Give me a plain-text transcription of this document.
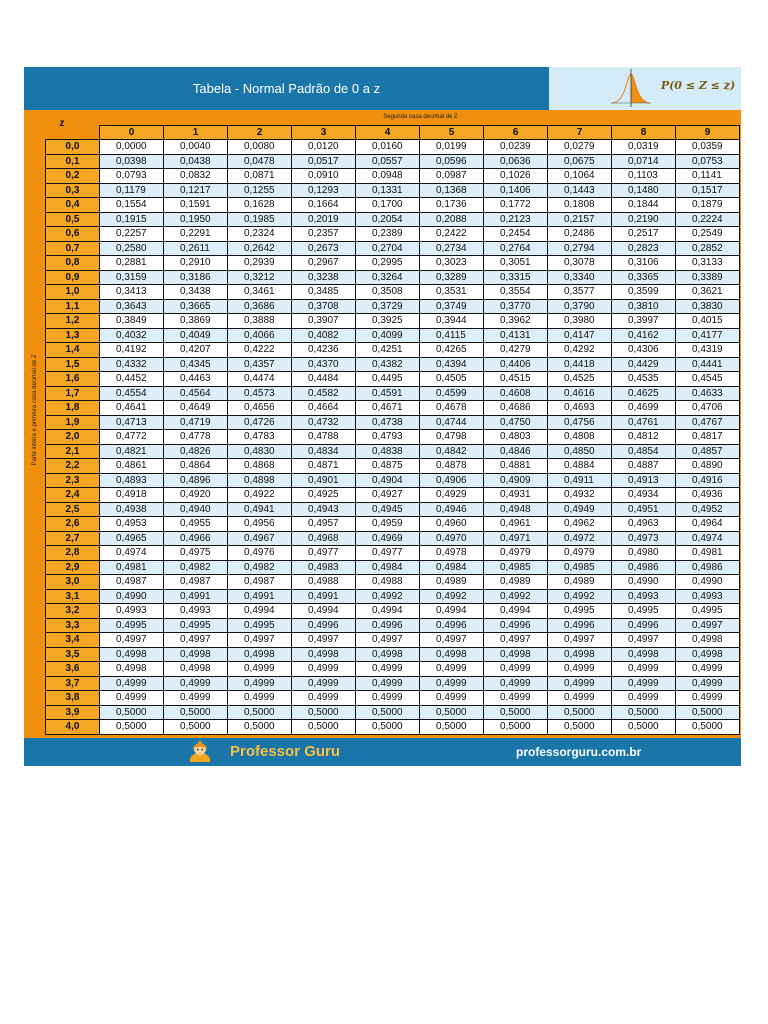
Tabela - Normal Padrão de 0 a z	P(0 ≤ Z ≤ z)
z
Segunda casa decimal de Z
Parte inteira e primeira casa decimal de Z
	0	1	2	3	4	5	6	7	8	9
0,0	0,0000	0,0040	0,0080	0,0120	0,0160	0,0199	0,0239	0,0279	0,0319	0,0359
0,1	0,0398	0,0438	0,0478	0,0517	0,0557	0,0596	0,0636	0,0675	0,0714	0,0753
0,2	0,0793	0,0832	0,0871	0,0910	0,0948	0,0987	0,1026	0,1064	0,1103	0,1141
0,3	0,1179	0,1217	0,1255	0,1293	0,1331	0,1368	0,1406	0,1443	0,1480	0,1517
0,4	0,1554	0,1591	0,1628	0,1664	0,1700	0,1736	0,1772	0,1808	0,1844	0,1879
0,5	0,1915	0,1950	0,1985	0,2019	0,2054	0,2088	0,2123	0,2157	0,2190	0,2224
0,6	0,2257	0,2291	0,2324	0,2357	0,2389	0,2422	0,2454	0,2486	0,2517	0,2549
0,7	0,2580	0,2611	0,2642	0,2673	0,2704	0,2734	0,2764	0,2794	0,2823	0,2852
0,8	0,2881	0,2910	0,2939	0,2967	0,2995	0,3023	0,3051	0,3078	0,3106	0,3133
0,9	0,3159	0,3186	0,3212	0,3238	0,3264	0,3289	0,3315	0,3340	0,3365	0,3389
1,0	0,3413	0,3438	0,3461	0,3485	0,3508	0,3531	0,3554	0,3577	0,3599	0,3621
1,1	0,3643	0,3665	0,3686	0,3708	0,3729	0,3749	0,3770	0,3790	0,3810	0,3830
1,2	0,3849	0,3869	0,3888	0,3907	0,3925	0,3944	0,3962	0,3980	0,3997	0,4015
1,3	0,4032	0,4049	0,4066	0,4082	0,4099	0,4115	0,4131	0,4147	0,4162	0,4177
1,4	0,4192	0,4207	0,4222	0,4236	0,4251	0,4265	0,4279	0,4292	0,4306	0,4319
1,5	0,4332	0,4345	0,4357	0,4370	0,4382	0,4394	0,4406	0,4418	0,4429	0,4441
1,6	0,4452	0,4463	0,4474	0,4484	0,4495	0,4505	0,4515	0,4525	0,4535	0,4545
1,7	0,4554	0,4564	0,4573	0,4582	0,4591	0,4599	0,4608	0,4616	0,4625	0,4633
1,8	0,4641	0,4649	0,4656	0,4664	0,4671	0,4678	0,4686	0,4693	0,4699	0,4706
1,9	0,4713	0,4719	0,4726	0,4732	0,4738	0,4744	0,4750	0,4756	0,4761	0,4767
2,0	0,4772	0,4778	0,4783	0,4788	0,4793	0,4798	0,4803	0,4808	0,4812	0,4817
2,1	0,4821	0,4826	0,4830	0,4834	0,4838	0,4842	0,4846	0,4850	0,4854	0,4857
2,2	0,4861	0,4864	0,4868	0,4871	0,4875	0,4878	0,4881	0,4884	0,4887	0,4890
2,3	0,4893	0,4896	0,4898	0,4901	0,4904	0,4906	0,4909	0,4911	0,4913	0,4916
2,4	0,4918	0,4920	0,4922	0,4925	0,4927	0,4929	0,4931	0,4932	0,4934	0,4936
2,5	0,4938	0,4940	0,4941	0,4943	0,4945	0,4946	0,4948	0,4949	0,4951	0,4952
2,6	0,4953	0,4955	0,4956	0,4957	0,4959	0,4960	0,4961	0,4962	0,4963	0,4964
2,7	0,4965	0,4966	0,4967	0,4968	0,4969	0,4970	0,4971	0,4972	0,4973	0,4974
2,8	0,4974	0,4975	0,4976	0,4977	0,4977	0,4978	0,4979	0,4979	0,4980	0,4981
2,9	0,4981	0,4982	0,4982	0,4983	0,4984	0,4984	0,4985	0,4985	0,4986	0,4986
3,0	0,4987	0,4987	0,4987	0,4988	0,4988	0,4989	0,4989	0,4989	0,4990	0,4990
3,1	0,4990	0,4991	0,4991	0,4991	0,4992	0,4992	0,4992	0,4992	0,4993	0,4993
3,2	0,4993	0,4993	0,4994	0,4994	0,4994	0,4994	0,4994	0,4995	0,4995	0,4995
3,3	0,4995	0,4995	0,4995	0,4996	0,4996	0,4996	0,4996	0,4996	0,4996	0,4997
3,4	0,4997	0,4997	0,4997	0,4997	0,4997	0,4997	0,4997	0,4997	0,4997	0,4998
3,5	0,4998	0,4998	0,4998	0,4998	0,4998	0,4998	0,4998	0,4998	0,4998	0,4998
3,6	0,4998	0,4998	0,4999	0,4999	0,4999	0,4999	0,4999	0,4999	0,4999	0,4999
3,7	0,4999	0,4999	0,4999	0,4999	0,4999	0,4999	0,4999	0,4999	0,4999	0,4999
3,8	0,4999	0,4999	0,4999	0,4999	0,4999	0,4999	0,4999	0,4999	0,4999	0,4999
3,9	0,5000	0,5000	0,5000	0,5000	0,5000	0,5000	0,5000	0,5000	0,5000	0,5000
4,0	0,5000	0,5000	0,5000	0,5000	0,5000	0,5000	0,5000	0,5000	0,5000	0,5000
Professor Guru	professorguru.com.br
